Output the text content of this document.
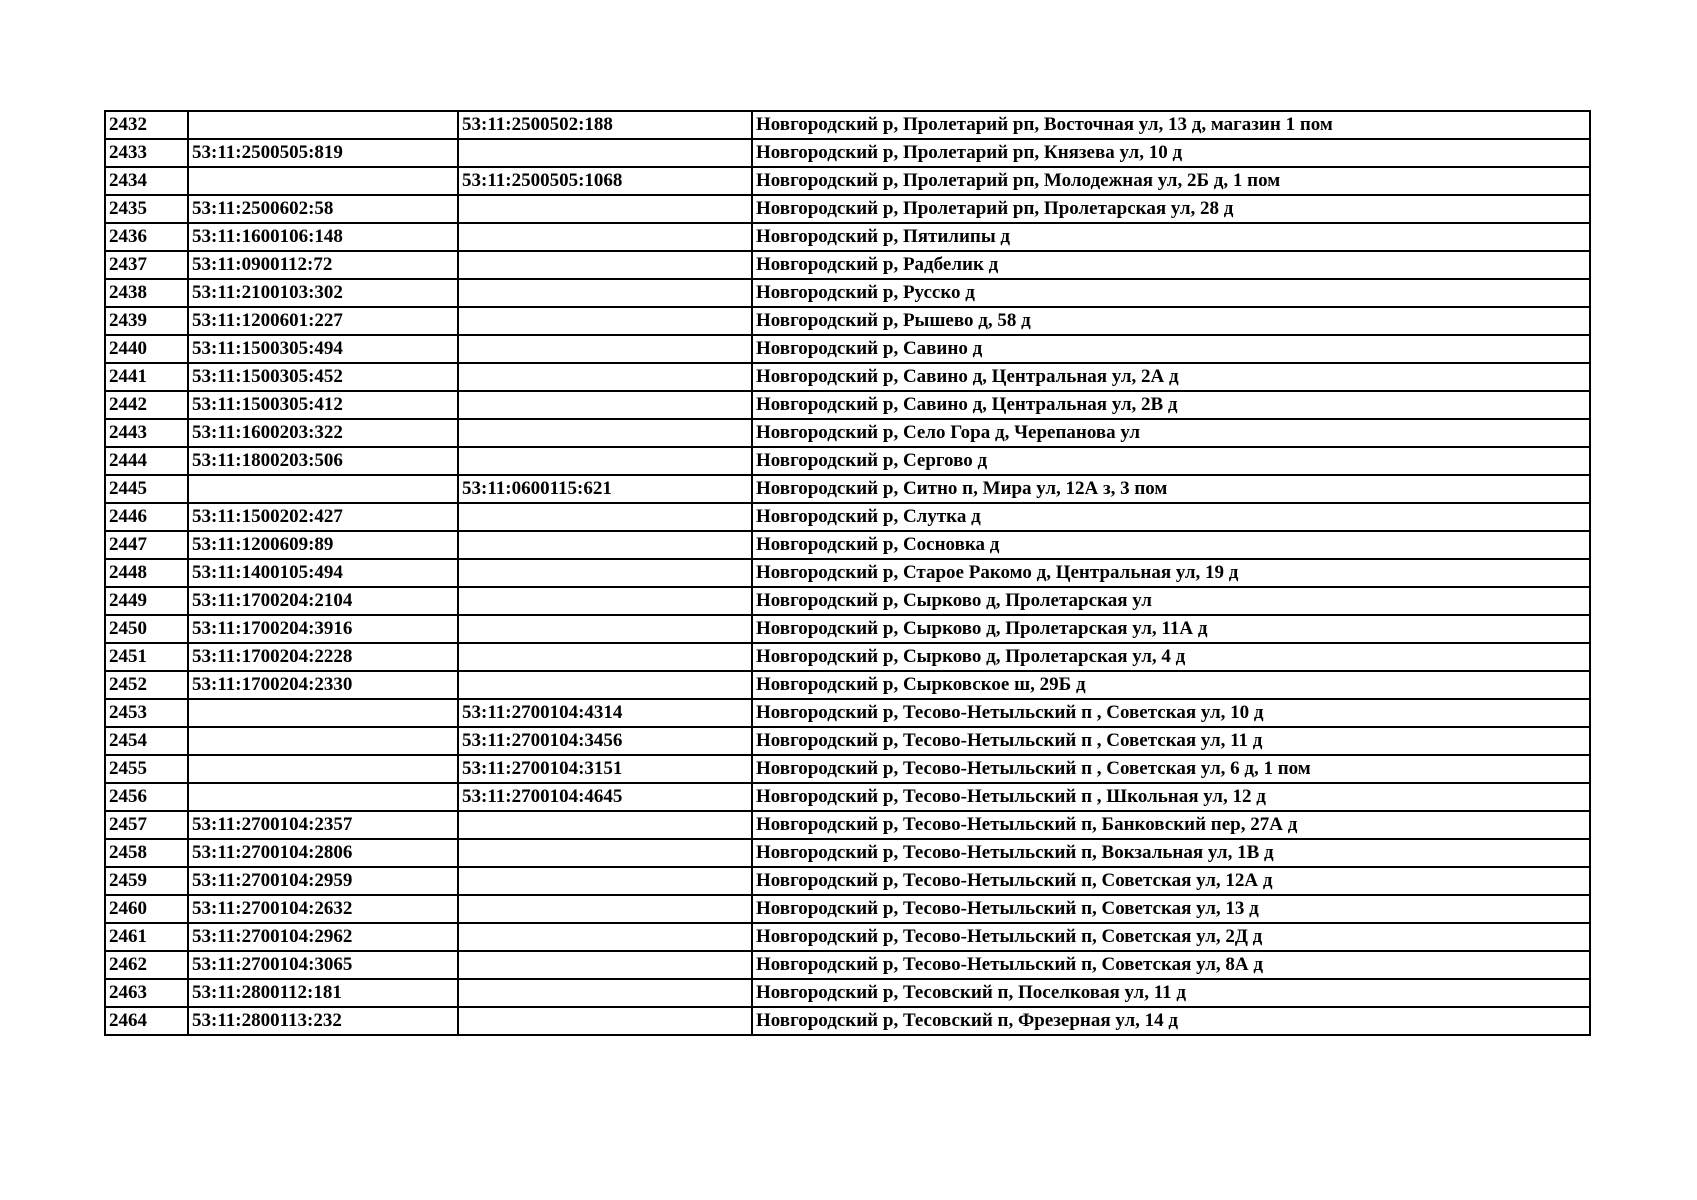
2432		53:11:2500502:188	Новгородский р, Пролетарий рп, Восточная ул, 13 д, магазин 1 пом
2433	53:11:2500505:819		Новгородский р, Пролетарий рп, Князева ул, 10 д
2434		53:11:2500505:1068	Новгородский р, Пролетарий рп, Молодежная ул, 2Б д, 1 пом
2435	53:11:2500602:58		Новгородский р, Пролетарий рп, Пролетарская ул, 28 д
2436	53:11:1600106:148		Новгородский р, Пятилипы д
2437	53:11:0900112:72		Новгородский р, Радбелик д
2438	53:11:2100103:302		Новгородский р, Русско д
2439	53:11:1200601:227		Новгородский р, Рышево д, 58 д
2440	53:11:1500305:494		Новгородский р, Савино д
2441	53:11:1500305:452		Новгородский р, Савино д, Центральная ул, 2А д
2442	53:11:1500305:412		Новгородский р, Савино д, Центральная ул, 2В д
2443	53:11:1600203:322		Новгородский р, Село Гора д, Черепанова ул
2444	53:11:1800203:506		Новгородский р, Сергово д
2445		53:11:0600115:621	Новгородский р, Ситно п, Мира ул, 12А з, 3 пом
2446	53:11:1500202:427		Новгородский р, Слутка д
2447	53:11:1200609:89		Новгородский р, Сосновка д
2448	53:11:1400105:494		Новгородский р, Старое Ракомо д, Центральная ул, 19 д
2449	53:11:1700204:2104		Новгородский р, Сырково д, Пролетарская ул
2450	53:11:1700204:3916		Новгородский р, Сырково д, Пролетарская ул, 11А д
2451	53:11:1700204:2228		Новгородский р, Сырково д, Пролетарская ул, 4 д
2452	53:11:1700204:2330		Новгородский р, Сырковское ш, 29Б д
2453		53:11:2700104:4314	Новгородский р, Тесово-Нетыльский п , Советская ул, 10 д
2454		53:11:2700104:3456	Новгородский р, Тесово-Нетыльский п , Советская ул, 11 д
2455		53:11:2700104:3151	Новгородский р, Тесово-Нетыльский п , Советская ул, 6 д, 1 пом
2456		53:11:2700104:4645	Новгородский р, Тесово-Нетыльский п , Школьная ул, 12 д
2457	53:11:2700104:2357		Новгородский р, Тесово-Нетыльский п, Банковский пер, 27А д
2458	53:11:2700104:2806		Новгородский р, Тесово-Нетыльский п, Вокзальная ул, 1В д
2459	53:11:2700104:2959		Новгородский р, Тесово-Нетыльский п, Советская ул, 12А д
2460	53:11:2700104:2632		Новгородский р, Тесово-Нетыльский п, Советская ул, 13 д
2461	53:11:2700104:2962		Новгородский р, Тесово-Нетыльский п, Советская ул, 2Д д
2462	53:11:2700104:3065		Новгородский р, Тесово-Нетыльский п, Советская ул, 8А д
2463	53:11:2800112:181		Новгородский р, Тесовский п, Поселковая ул, 11 д
2464	53:11:2800113:232		Новгородский р, Тесовский п, Фрезерная ул, 14 д
